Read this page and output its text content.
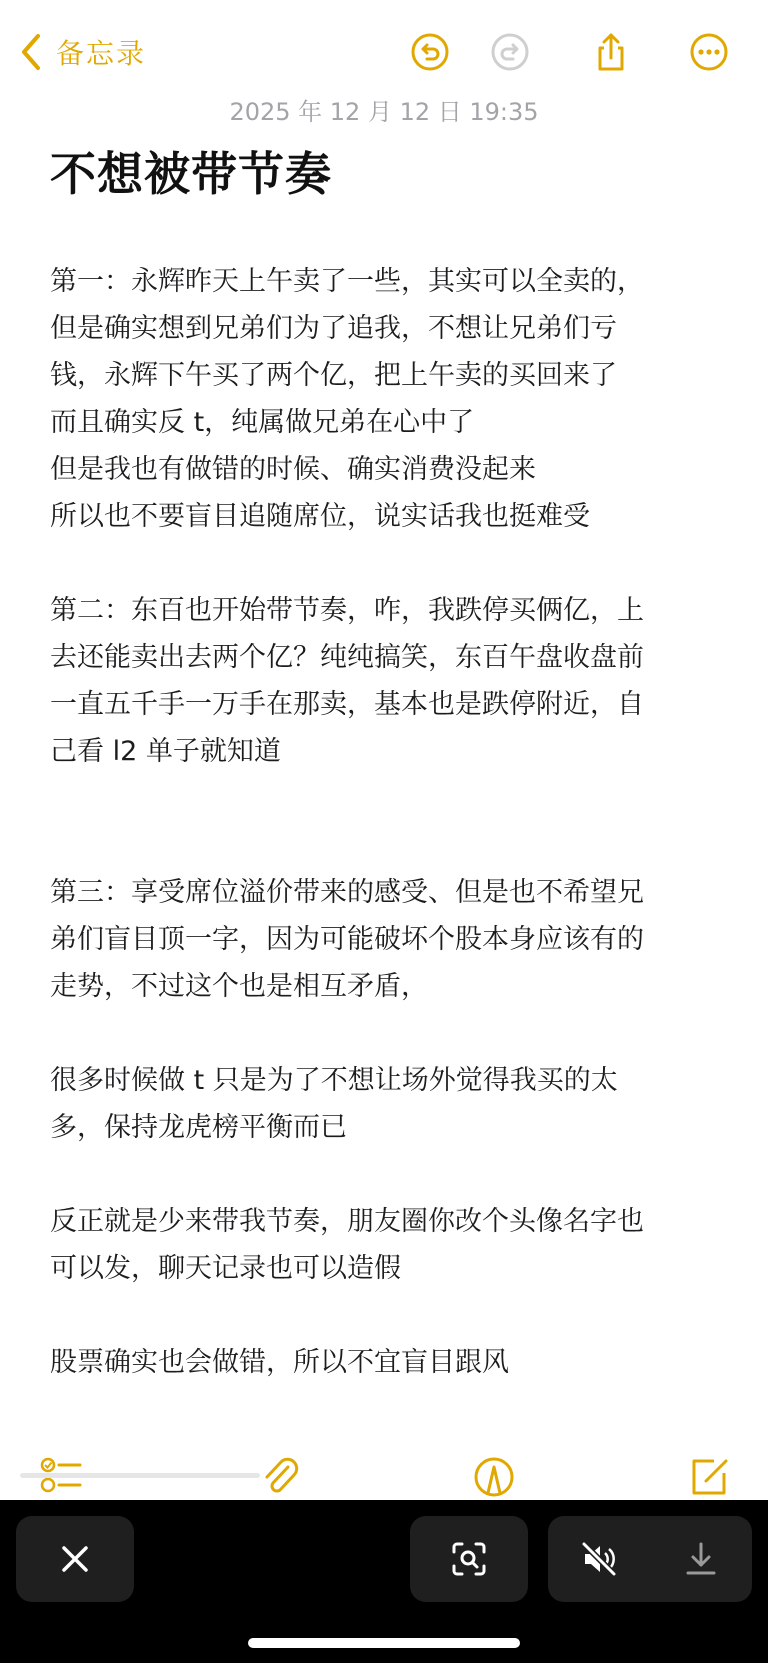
备忘录
2025 年 12 月 12 日 19:35
不想被带节奏
第一：永辉昨天上午卖了一些，其实可以全卖的，
但是确实想到兄弟们为了追我，不想让兄弟们亏
钱，永辉下午买了两个亿，把上午卖的买回来了
而且确实反 t，纯属做兄弟在心中了
但是我也有做错的时候、确实消费没起来
所以也不要盲目追随席位，说实话我也挺难受
第二：东百也开始带节奏，咋，我跌停买俩亿，上
去还能卖出去两个亿？纯纯搞笑，东百午盘收盘前
一直五千手一万手在那卖，基本也是跌停附近，自
己看 l2 单子就知道
第三：享受席位溢价带来的感受、但是也不希望兄
弟们盲目顶一字，因为可能破坏个股本身应该有的
走势，不过这个也是相互矛盾，
很多时候做 t 只是为了不想让场外觉得我买的太
多，保持龙虎榜平衡而已
反正就是少来带我节奏，朋友圈你改个头像名字也
可以发，聊天记录也可以造假
股票确实也会做错，所以不宜盲目跟风
